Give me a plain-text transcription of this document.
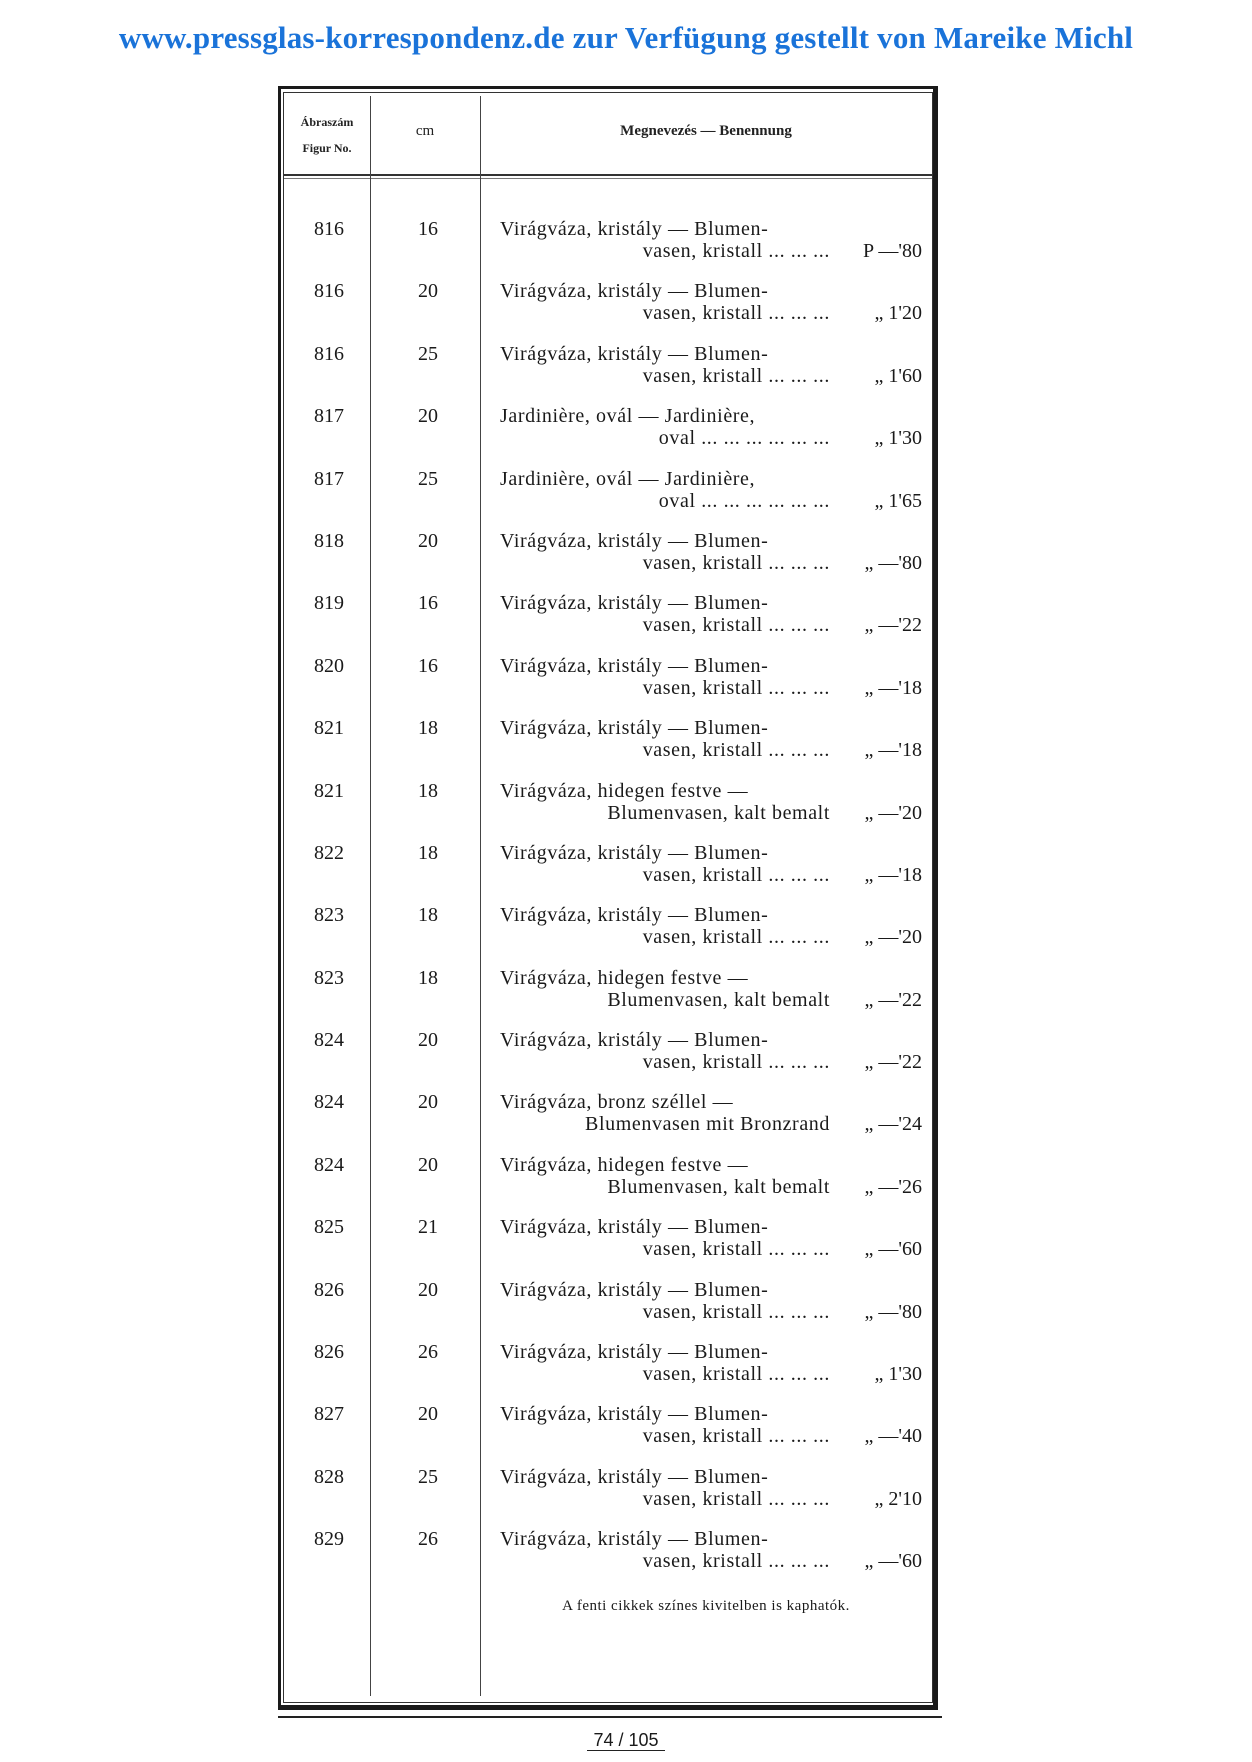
www.pressglas-korrespondenz.de zur Verfügung gestellt von Mareike Michl
Ábraszám
Figur No.
cm	Megnevezés — Benennung
816	16	Virágváza, kristály — Blumen-
vasen, kristall ... ... ...	P —'80
816	20	Virágváza, kristály — Blumen-
vasen, kristall ... ... ...	„ 1'20
816	25	Virágváza, kristály — Blumen-
vasen, kristall ... ... ...	„ 1'60
817	20	Jardinière, ovál — Jardinière,
oval ... ... ... ... ... ...	„ 1'30
817	25	Jardinière, ovál — Jardinière,
oval ... ... ... ... ... ...	„ 1'65
818	20	Virágváza, kristály — Blumen-
vasen, kristall ... ... ...	„ —'80
819	16	Virágváza, kristály — Blumen-
vasen, kristall ... ... ...	„ —'22
820	16	Virágváza, kristály — Blumen-
vasen, kristall ... ... ...	„ —'18
821	18	Virágváza, kristály — Blumen-
vasen, kristall ... ... ...	„ —'18
821	18	Virágváza, hidegen festve —
Blumenvasen, kalt bemalt	„ —'20
822	18	Virágváza, kristály — Blumen-
vasen, kristall ... ... ...	„ —'18
823	18	Virágváza, kristály — Blumen-
vasen, kristall ... ... ...	„ —'20
823	18	Virágváza, hidegen festve —
Blumenvasen, kalt bemalt	„ —'22
824	20	Virágváza, kristály — Blumen-
vasen, kristall ... ... ...	„ —'22
824	20	Virágváza, bronz széllel —
Blumenvasen mit Bronzrand	„ —'24
824	20	Virágváza, hidegen festve —
Blumenvasen, kalt bemalt	„ —'26
825	21	Virágváza, kristály — Blumen-
vasen, kristall ... ... ...	„ —'60
826	20	Virágváza, kristály — Blumen-
vasen, kristall ... ... ...	„ —'80
826	26	Virágváza, kristály — Blumen-
vasen, kristall ... ... ...	„ 1'30
827	20	Virágváza, kristály — Blumen-
vasen, kristall ... ... ...	„ —'40
828	25	Virágváza, kristály — Blumen-
vasen, kristall ... ... ...	„ 2'10
829	26	Virágváza, kristály — Blumen-
vasen, kristall ... ... ...	„ —'60
A fenti cikkek színes kivitelben is kaphatók.
74 / 105
